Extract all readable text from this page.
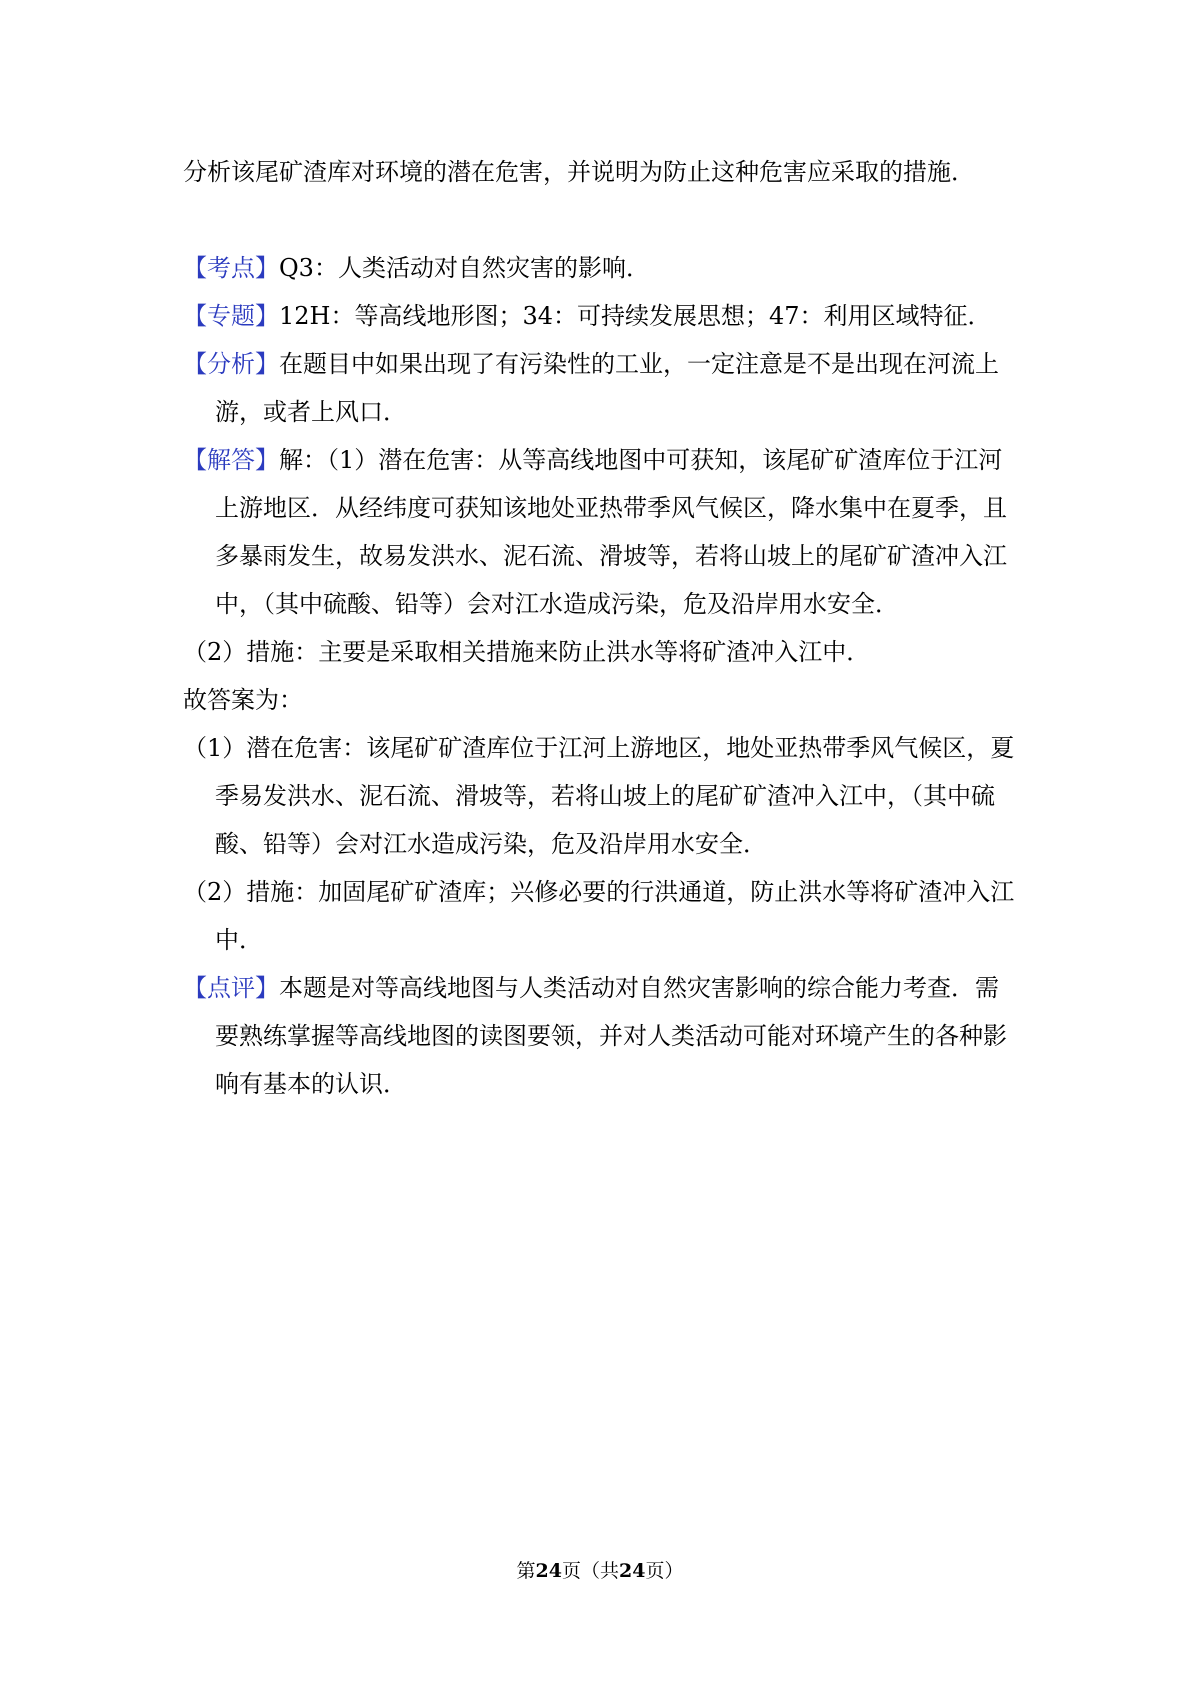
分析该尾矿渣库对环境的潜在危害，并说明为防止这种危害应采取的措施．
【考点】Q3：人类活动对自然灾害的影响．
【专题】12H：等高线地形图；34：可持续发展思想；47：利用区域特征．
【分析】在题目中如果出现了有污染性的工业，一定注意是不是出现在河流上
游，或者上风口．
【解答】解：（1）潜在危害：从等高线地图中可获知，该尾矿矿渣库位于江河
上游地区．从经纬度可获知该地处亚热带季风气候区，降水集中在夏季，且
多暴雨发生，故易发洪水、泥石流、滑坡等，若将山坡上的尾矿矿渣冲入江
中，（其中硫酸、铅等）会对江水造成污染，危及沿岸用水安全．
（2）措施：主要是采取相关措施来防止洪水等将矿渣冲入江中．
故答案为：
（1）潜在危害：该尾矿矿渣库位于江河上游地区，地处亚热带季风气候区，夏
季易发洪水、泥石流、滑坡等，若将山坡上的尾矿矿渣冲入江中，（其中硫
酸、铅等）会对江水造成污染，危及沿岸用水安全．
（2）措施：加固尾矿矿渣库；兴修必要的行洪通道，防止洪水等将矿渣冲入江
中．
【点评】本题是对等高线地图与人类活动对自然灾害影响的综合能力考查．需
要熟练掌握等高线地图的读图要领，并对人类活动可能对环境产生的各种影
响有基本的认识．
第24页（共24页）
